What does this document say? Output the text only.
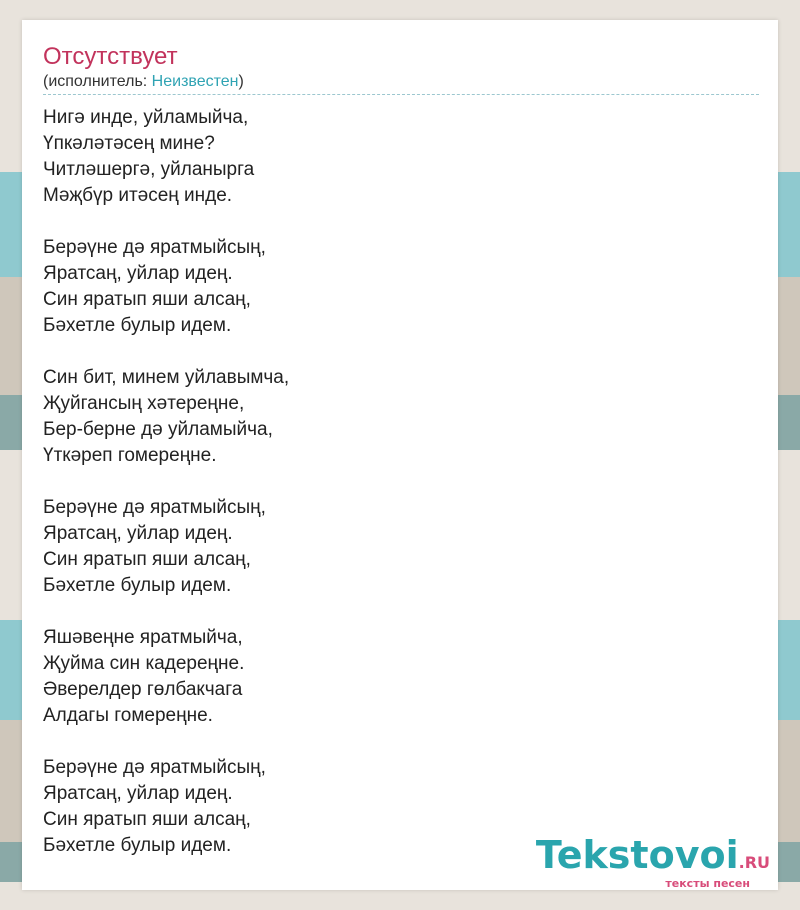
Отсутствует
(исполнитель: Неизвестен)
Нигә инде, уйламыйча,
Үпкәләтәсең мине?
Читләшергә, уйланырга
Мәҗбүр итәсең инде.
Берәүне дә яратмыйсың,
Яратсаң, уйлар идең.
Син яратып яши алсаң,
Бәхетле булыр идем.
Син бит, минем уйлавымча,
Җуйгансың хәтереңне,
Бер-берне дә уйламыйча,
Үткәреп гомереңне.
Берәүне дә яратмыйсың,
Яратсаң, уйлар идең.
Син яратып яши алсаң,
Бәхетле булыр идем.
Яшәвеңне яратмыйча,
Җуйма син кадереңне.
Әверелдер гөлбакчага
Алдагы гомереңне.
Берәүне дә яратмыйсың,
Яратсаң, уйлар идең.
Син яратып яши алсаң,
Бәхетле булыр идем.	Tekstovoi.RU
тексты песен
